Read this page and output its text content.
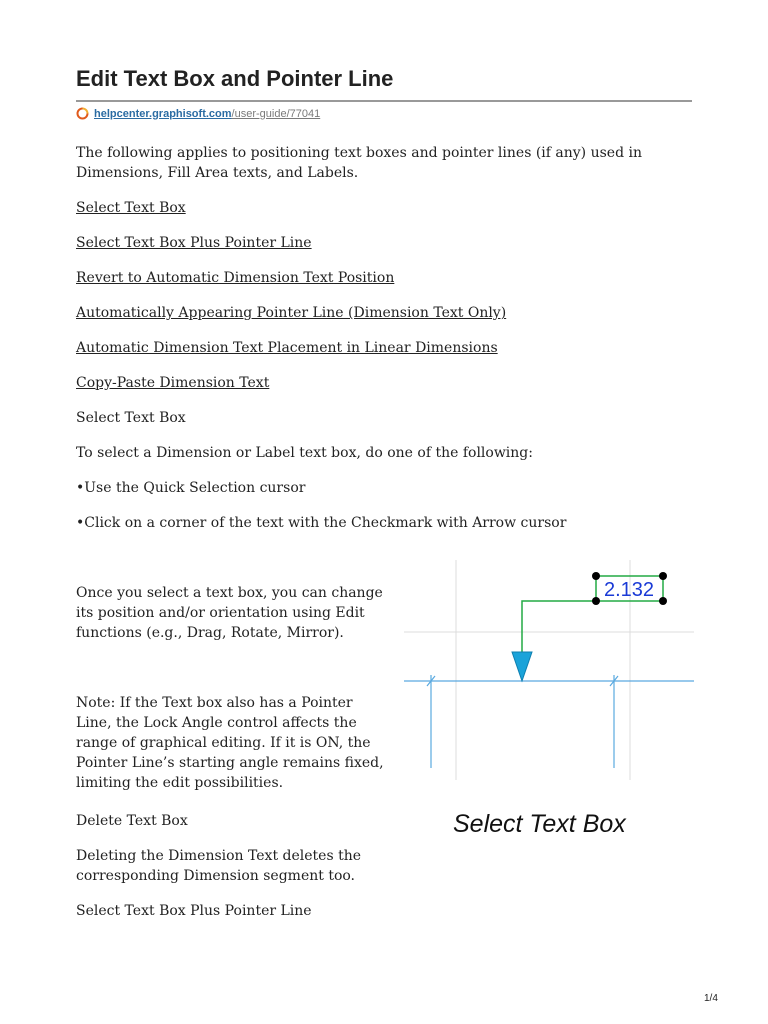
Edit Text Box and Pointer Line
helpcenter.graphisoft.com/user-guide/77041

The following applies to positioning text boxes and pointer lines (if any) used in Dimensions, Fill Area texts, and Labels.

Select Text Box

Select Text Box Plus Pointer Line

Revert to Automatic Dimension Text Position

Automatically Appearing Pointer Line (Dimension Text Only)

Automatic Dimension Text Placement in Linear Dimensions

Copy-Paste Dimension Text

Select Text Box

To select a Dimension or Label text box, do one of the following:

•Use the Quick Selection cursor

•Click on a corner of the text with the Checkmark with Arrow cursor

Once you select a text box, you can change its position and/or orientation using Edit functions (e.g., Drag, Rotate, Mirror).

Note: If the Text box also has a Pointer Line, the Lock Angle control affects the range of graphical editing. If it is ON, the Pointer Line’s starting angle remains fixed, limiting the edit possibilities.

Delete Text Box

Deleting the Dimension Text deletes the corresponding Dimension segment too.

Select Text Box Plus Pointer Line

2.132
Select Text Box
1/4
